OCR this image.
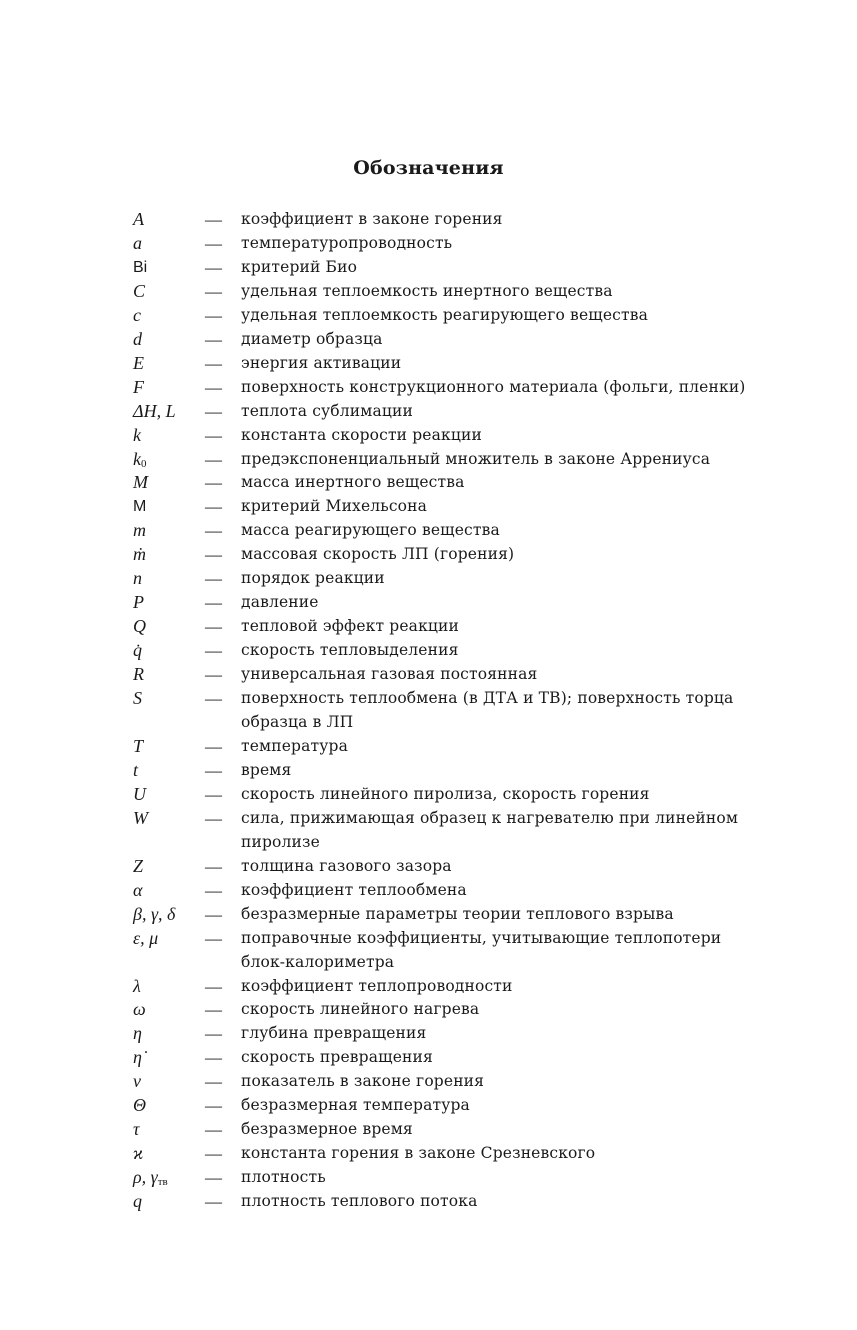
Обозначения
A	— коэффициент в законе горения
a	— температуропроводность
Bi	— критерий Био
C	— удельная теплоемкость инертного вещества
c	— удельная теплоемкость реагирующего вещества
d	— диаметр образца
E	— энергия активации
F	— поверхность конструкционного материала (фольги, пленки)
ΔH, L	— теплота сублимации
k	— константа скорости реакции
k0	— предэкспоненциальный множитель в законе Аррениуса
M	— масса инертного вещества
M	— критерий Михельсона
m	— масса реагирующего вещества
ṁ	— массовая скорость ЛП (горения)
n	— порядок реакции
P	— давление
Q	— тепловой эффект реакции
q̇	— скорость тепловыделения
R	— универсальная газовая постоянная
S	— поверхность теплообмена (в ДТА и ТВ); поверхность торца образца в ЛП
T	— температура
t	— время
U	— скорость линейного пиролиза, скорость горения
W	— сила, прижимающая образец к нагревателю при линейном пиролизе
Z	— толщина газового зазора
α	— коэффициент теплообмена
β, γ, δ	— безразмерные параметры теории теплового взрыва
ε, μ	— поправочные коэффициенты, учитывающие теплопотери блок-калориметра
λ	— коэффициент теплопроводности
ω	— скорость линейного нагрева
η	— глубина превращения
η̇	— скорость превращения
ν	— показатель в законе горения
Θ	— безразмерная температура
τ	— безразмерное время
ϰ	— константа горения в законе Срезневского
ρ, γтв	— плотность
q	— плотность теплового потока
